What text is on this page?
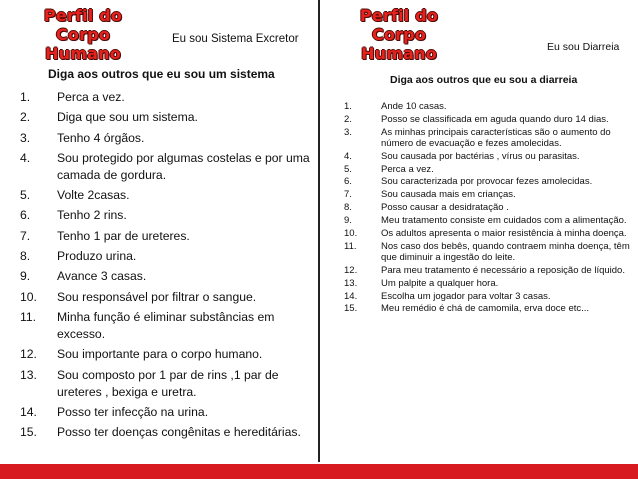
Perfil do
Corpo Humano
Eu sou Sistema Excretor
Diga aos outros que eu sou um sistema
1.	Perca a vez.
2.	Diga que sou um sistema.
3.	Tenho 4 órgãos.
4.	Sou protegido por algumas costelas e por uma camada de gordura.
5.	Volte 2casas.
6.	Tenho 2 rins.
7.	Tenho 1 par de ureteres.
8.	Produzo urina.
9.	Avance 3 casas.
10.	Sou responsável por filtrar o sangue.
11.	Minha função é eliminar substâncias em excesso.
12.	Sou importante para o corpo humano.
13.	Sou composto por 1 par de rins ,1 par de ureteres , bexiga e uretra.
14.	Posso ter infecção na urina.
15.	Posso ter doenças congênitas e hereditárias.
Perfil do
Corpo Humano	Eu sou Diarreia
Diga aos outros que eu sou a diarreia
1.	Ande 10 casas.
2.	Posso se classificada em aguda quando duro 14 dias.
3.	As minhas principais características são o aumento do número de evacuação e fezes amolecidas.
4.	Sou causada por bactérias , vírus ou parasitas.
5.	Perca a vez.
6.	Sou caracterizada por provocar fezes amolecidas.
7.	Sou causada mais em crianças.
8.	Posso causar a desidratação .
9.	Meu tratamento consiste em cuidados com a alimentação.
10.	Os adultos apresenta o maior resistência à minha doença.
11.	Nos caso dos bebês, quando contraem minha doença, têm que diminuir a ingestão do leite.
12.	Para meu tratamento é necessário a reposição de líquido.
13.	Um palpite a qualquer hora.
14.	Escolha um jogador para voltar 3 casas.
15.	Meu remédio é chá de camomila, erva doce etc...
